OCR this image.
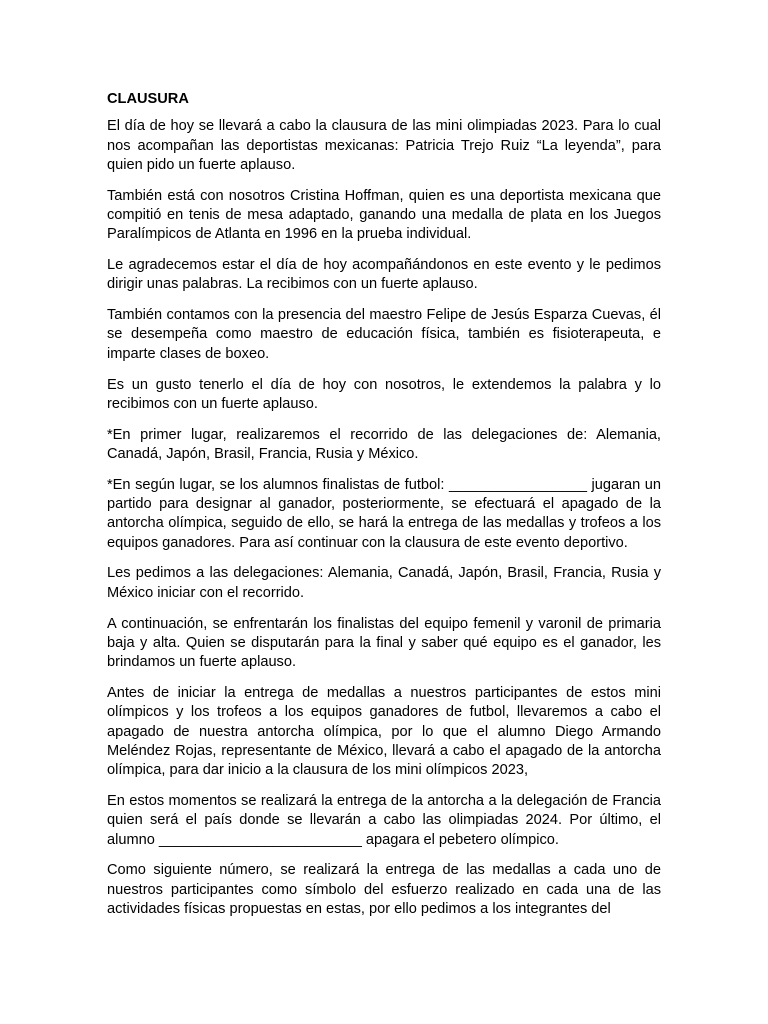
CLAUSURA

El día de hoy se llevará a cabo la clausura de las mini olimpiadas 2023. Para lo cual nos acompañan las deportistas mexicanas: Patricia Trejo Ruiz “La leyenda”, para quien pido un fuerte aplauso.

También está con nosotros Cristina Hoffman, quien es una deportista mexicana que compitió en tenis de mesa adaptado, ganando una medalla de plata en los Juegos Paralímpicos de Atlanta en 1996 en la prueba individual.

Le agradecemos estar el día de hoy acompañándonos en este evento y le pedimos dirigir unas palabras. La recibimos con un fuerte aplauso.

También contamos con la presencia del maestro Felipe de Jesús Esparza Cuevas, él se desempeña como maestro de educación física, también es fisioterapeuta, e imparte clases de boxeo.

Es un gusto tenerlo el día de hoy con nosotros, le extendemos la palabra y lo recibimos con un fuerte aplauso.

*En primer lugar, realizaremos el recorrido de las delegaciones de: Alemania, Canadá, Japón, Brasil, Francia, Rusia y México.

*En según lugar, se los alumnos finalistas de futbol: _________________ jugaran un partido para designar al ganador, posteriormente, se efectuará el apagado de la antorcha olímpica, seguido de ello, se hará la entrega de las medallas y trofeos a los equipos ganadores. Para así continuar con la clausura de este evento deportivo.

Les pedimos a las delegaciones: Alemania, Canadá, Japón, Brasil, Francia, Rusia y México iniciar con el recorrido.

A continuación, se enfrentarán los finalistas del equipo femenil y varonil de primaria baja y alta. Quien se disputarán para la final y saber qué equipo es el ganador, les brindamos un fuerte aplauso.

Antes de iniciar la entrega de medallas a nuestros participantes de estos mini olímpicos y los trofeos a los equipos ganadores de futbol, llevaremos a cabo el apagado de nuestra antorcha olímpica, por lo que el alumno Diego Armando Meléndez Rojas, representante de México, llevará a cabo el apagado de la antorcha olímpica, para dar inicio a la clausura de los mini olímpicos 2023,

En estos momentos se realizará la entrega de la antorcha a la delegación de Francia quien será el país donde se llevarán a cabo las olimpiadas 2024. Por último, el alumno _________________________ apagara el pebetero olímpico.

Como siguiente número, se realizará la entrega de las medallas a cada uno de nuestros participantes como símbolo del esfuerzo realizado en cada una de las actividades físicas propuestas en estas, por ello pedimos a los integrantes del
